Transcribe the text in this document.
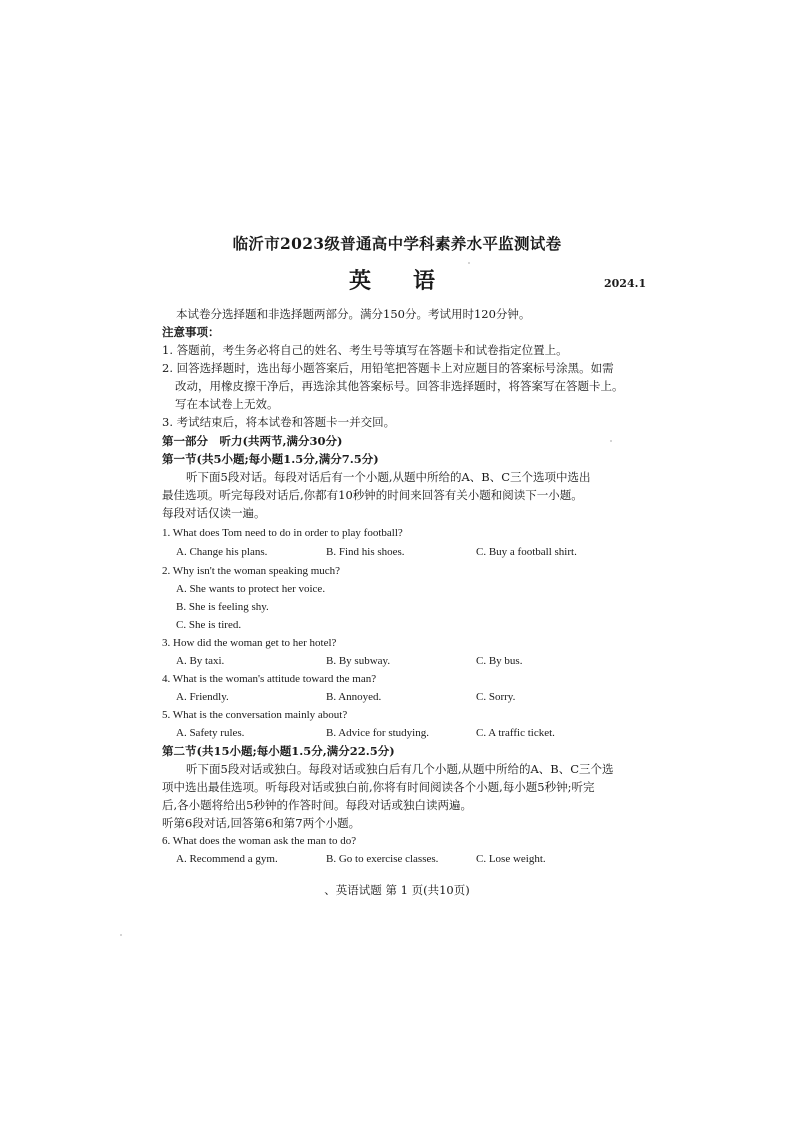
临沂市2023级普通高中学科素养水平监测试卷
英　语	2024.1
本试卷分选择题和非选择题两部分。满分150分。考试用时120分钟。
注意事项：
1. 答题前，考生务必将自己的姓名、考生号等填写在答题卡和试卷指定位置上。
2. 回答选择题时，选出每小题答案后，用铅笔把答题卡上对应题目的答案标号涂黑。如需
改动，用橡皮擦干净后，再选涂其他答案标号。回答非选择题时，将答案写在答题卡上。
写在本试卷上无效。
3. 考试结束后，将本试卷和答题卡一并交回。
第一部分　听力(共两节,满分30分)
第一节(共5小题;每小题1.5分,满分7.5分)
听下面5段对话。每段对话后有一个小题,从题中所给的A、B、C三个选项中选出
最佳选项。听完每段对话后,你都有10秒钟的时间来回答有关小题和阅读下一小题。
每段对话仅读一遍。
1. What does Tom need to do in order to play football?
A. Change his plans.	B. Find his shoes.	C. Buy a football shirt.
2. Why isn't the woman speaking much?
A. She wants to protect her voice.
B. She is feeling shy.
C. She is tired.
3. How did the woman get to her hotel?
A. By taxi.	B. By subway.	C. By bus.
4. What is the woman's attitude toward the man?
A. Friendly.	B. Annoyed.	C. Sorry.
5. What is the conversation mainly about?
A. Safety rules.	B. Advice for studying.	C. A traffic ticket.
第二节(共15小题;每小题1.5分,满分22.5分)
听下面5段对话或独白。每段对话或独白后有几个小题,从题中所给的A、B、C三个选
项中选出最佳选项。听每段对话或独白前,你将有时间阅读各个小题,每小题5秒钟;听完
后,各小题将给出5秒钟的作答时间。每段对话或独白读两遍。
听第6段对话,回答第6和第7两个小题。
6. What does the woman ask the man to do?
A. Recommend a gym.	B. Go to exercise classes.	C. Lose weight.
、英语试题 第 1 页(共10页)
